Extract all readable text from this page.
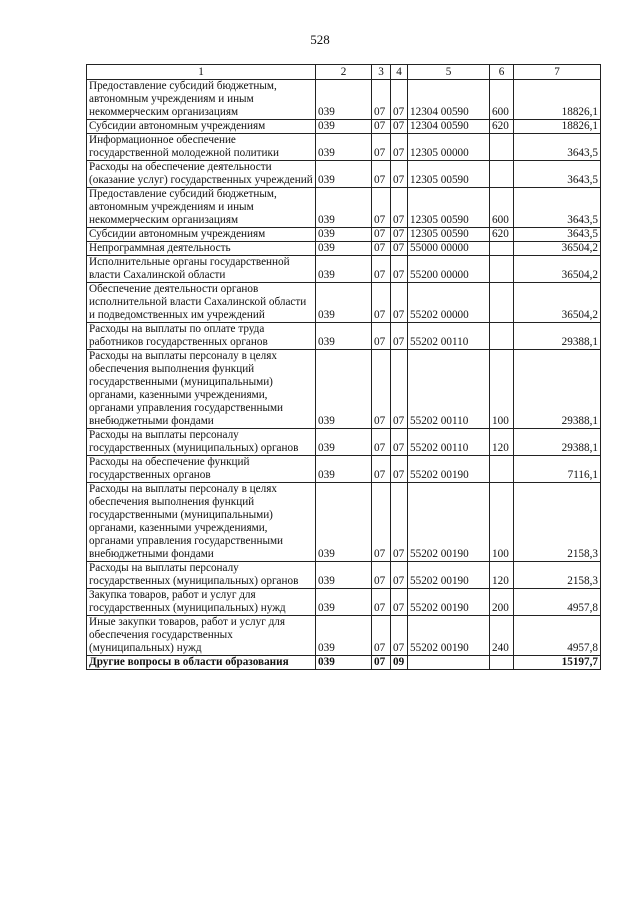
528
1	2	3	4	5	6	7
Предоставление субсидий бюджетным, автономным учреждениям и иным некоммерческим организациям	039	07	07	12304 00590	600	18826,1
Субсидии автономным учреждениям	039	07	07	12304 00590	620	18826,1
Информационное обеспечение государственной молодежной политики	039	07	07	12305 00000		3643,5
Расходы на обеспечение деятельности (оказание услуг) государственных учреждений	039	07	07	12305 00590		3643,5
Предоставление субсидий бюджетным, автономным учреждениям и иным некоммерческим организациям	039	07	07	12305 00590	600	3643,5
Субсидии автономным учреждениям	039	07	07	12305 00590	620	3643,5
Непрограммная деятельность	039	07	07	55000 00000		36504,2
Исполнительные органы государственной власти Сахалинской области	039	07	07	55200 00000		36504,2
Обеспечение деятельности органов исполнительной власти Сахалинской области и подведомственных им учреждений	039	07	07	55202 00000		36504,2
Расходы на выплаты по оплате труда работников государственных органов	039	07	07	55202 00110		29388,1
Расходы на выплаты персоналу в целях обеспечения выполнения функций государственными (муниципальными) органами, казенными учреждениями, органами управления государственными внебюджетными фондами	039	07	07	55202 00110	100	29388,1
Расходы на выплаты персоналу государственных (муниципальных) органов	039	07	07	55202 00110	120	29388,1
Расходы на обеспечение функций государственных органов	039	07	07	55202 00190		7116,1
Расходы на выплаты персоналу в целях обеспечения выполнения функций государственными (муниципальными) органами, казенными учреждениями, органами управления государственными внебюджетными фондами	039	07	07	55202 00190	100	2158,3
Расходы на выплаты персоналу государственных (муниципальных) органов	039	07	07	55202 00190	120	2158,3
Закупка товаров, работ и услуг для государственных (муниципальных) нужд	039	07	07	55202 00190	200	4957,8
Иные закупки товаров, работ и услуг для обеспечения государственных (муниципальных) нужд	039	07	07	55202 00190	240	4957,8
Другие вопросы в области образования	039	07	09			15197,7
